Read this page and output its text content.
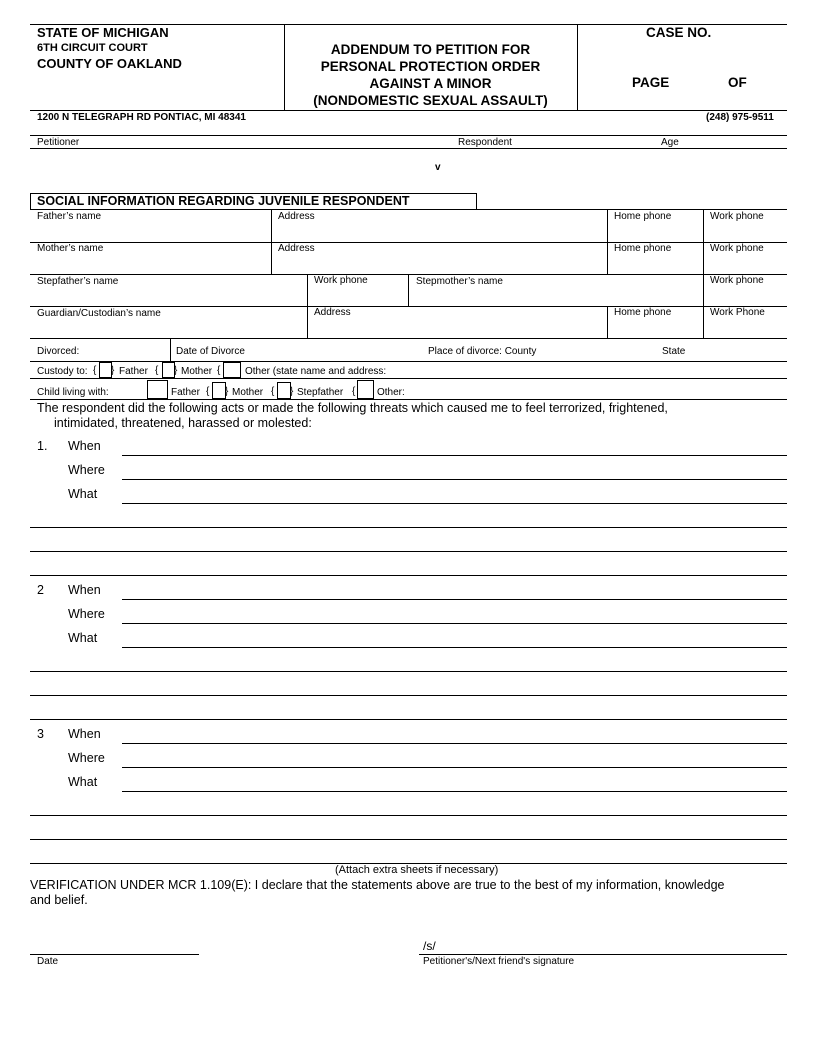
STATE OF MICHIGAN
6TH CIRCUIT COURT
COUNTY OF OAKLAND
ADDENDUM TO PETITION FOR
PERSONAL PROTECTION ORDER
AGAINST A MINOR
(NONDOMESTIC SEXUAL ASSAULT)
CASE NO.
PAGE	OF
1200 N TELEGRAPH RD PONTIAC, MI 48341	(248) 975-9511
Petitioner	Respondent	Age
v
SOCIAL INFORMATION REGARDING JUVENILE RESPONDENT
Father’s name	Address	Home phone	Work phone
Mother’s name	Address	Home phone	Work phone
Stepfather’s name	Work phone	Stepmother’s name	Work phone
Guardian/Custodian’s name	Address	Home phone	Work Phone
Divorced:	Date of Divorce	Place of divorce: County	State
Custody to: { } Father { } Mother { Other (state name and address:
Child living with:	Father { } Mother { } Stepfather { Other:
The respondent did the following acts or made the following threats which caused me to feel terrorized, frightened,
intimidated, threatened, harassed or molested:
1. When
Where
What
2 When
Where
What
3 When
Where
What
(Attach extra sheets if necessary)
VERIFICATION UNDER MCR 1.109(E): I declare that the statements above are true to the best of my information, knowledge
and belief.
Date
/s/
Petitioner's/Next friend's signature
